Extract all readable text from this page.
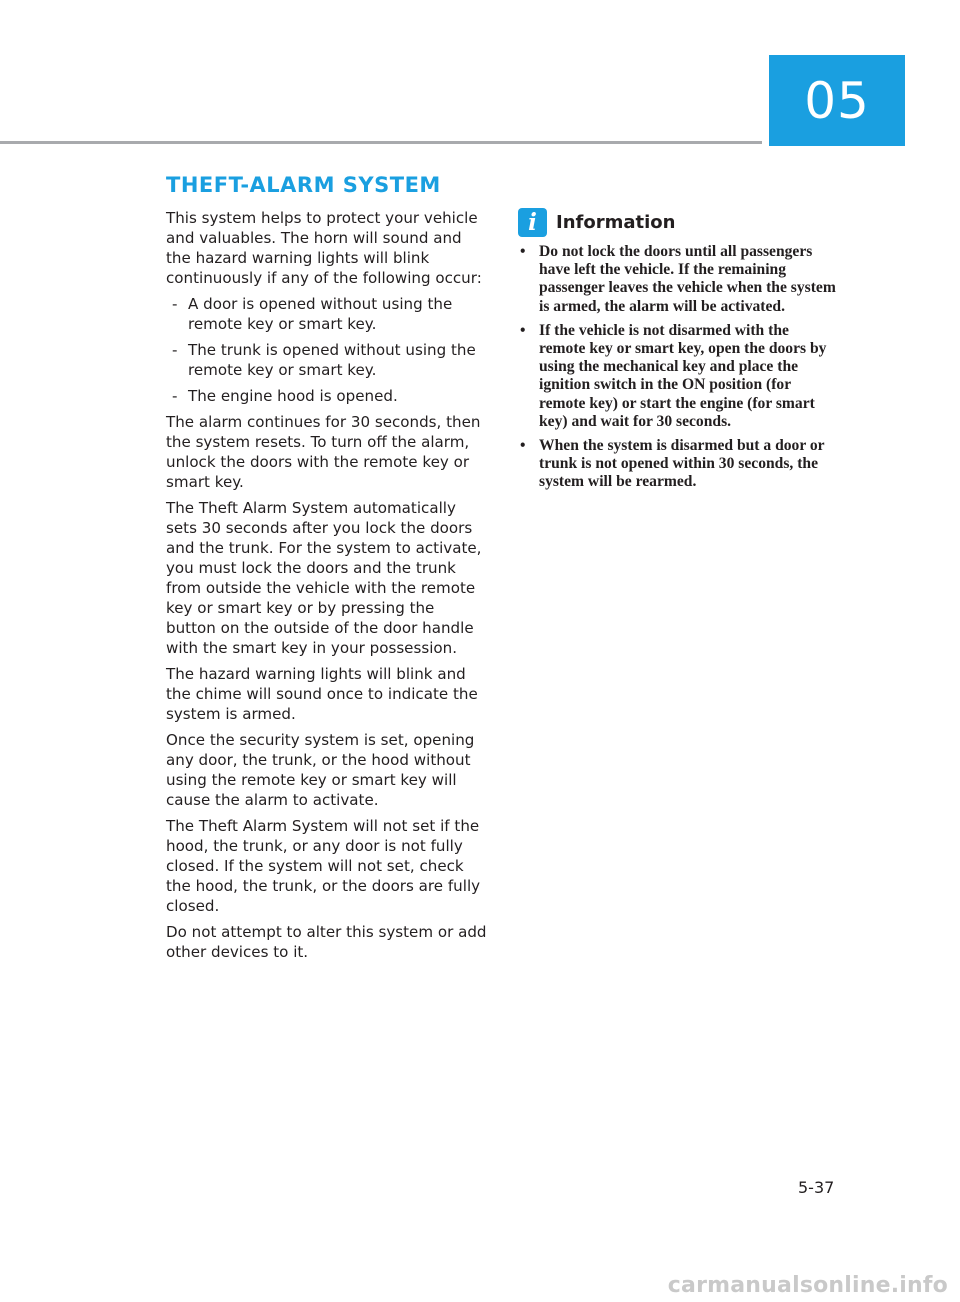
05
THEFT-ALARM SYSTEM

This system helps to protect your vehicle and valuables. The horn will sound and the hazard warning lights will blink continuously if any of the following occur:

- A door is opened without using the remote key or smart key.
- The trunk is opened without using the remote key or smart key.
- The engine hood is opened.

The alarm continues for 30 seconds, then the system resets. To turn off the alarm, unlock the doors with the remote key or smart key.

The Theft Alarm System automatically sets 30 seconds after you lock the doors and the trunk. For the system to activate, you must lock the doors and the trunk from outside the vehicle with the remote key or smart key or by pressing the button on the outside of the door handle with the smart key in your possession.

The hazard warning lights will blink and the chime will sound once to indicate the system is armed.

Once the security system is set, opening any door, the trunk, or the hood without using the remote key or smart key will cause the alarm to activate.

The Theft Alarm System will not set if the hood, the trunk, or any door is not fully closed. If the system will not set, check the hood, the trunk, or the doors are fully closed.

Do not attempt to alter this system or add other devices to it.

i	Information
• Do not lock the doors until all passengers have left the vehicle. If the remaining passenger leaves the vehicle when the system is armed, the alarm will be activated.
• If the vehicle is not disarmed with the remote key or smart key, open the doors by using the mechanical key and place the ignition switch in the ON position (for remote key) or start the engine (for smart key) and wait for 30 seconds.
• When the system is disarmed but a door or trunk is not opened within 30 seconds, the system will be rearmed.
5-37
carmanualsonline.info
